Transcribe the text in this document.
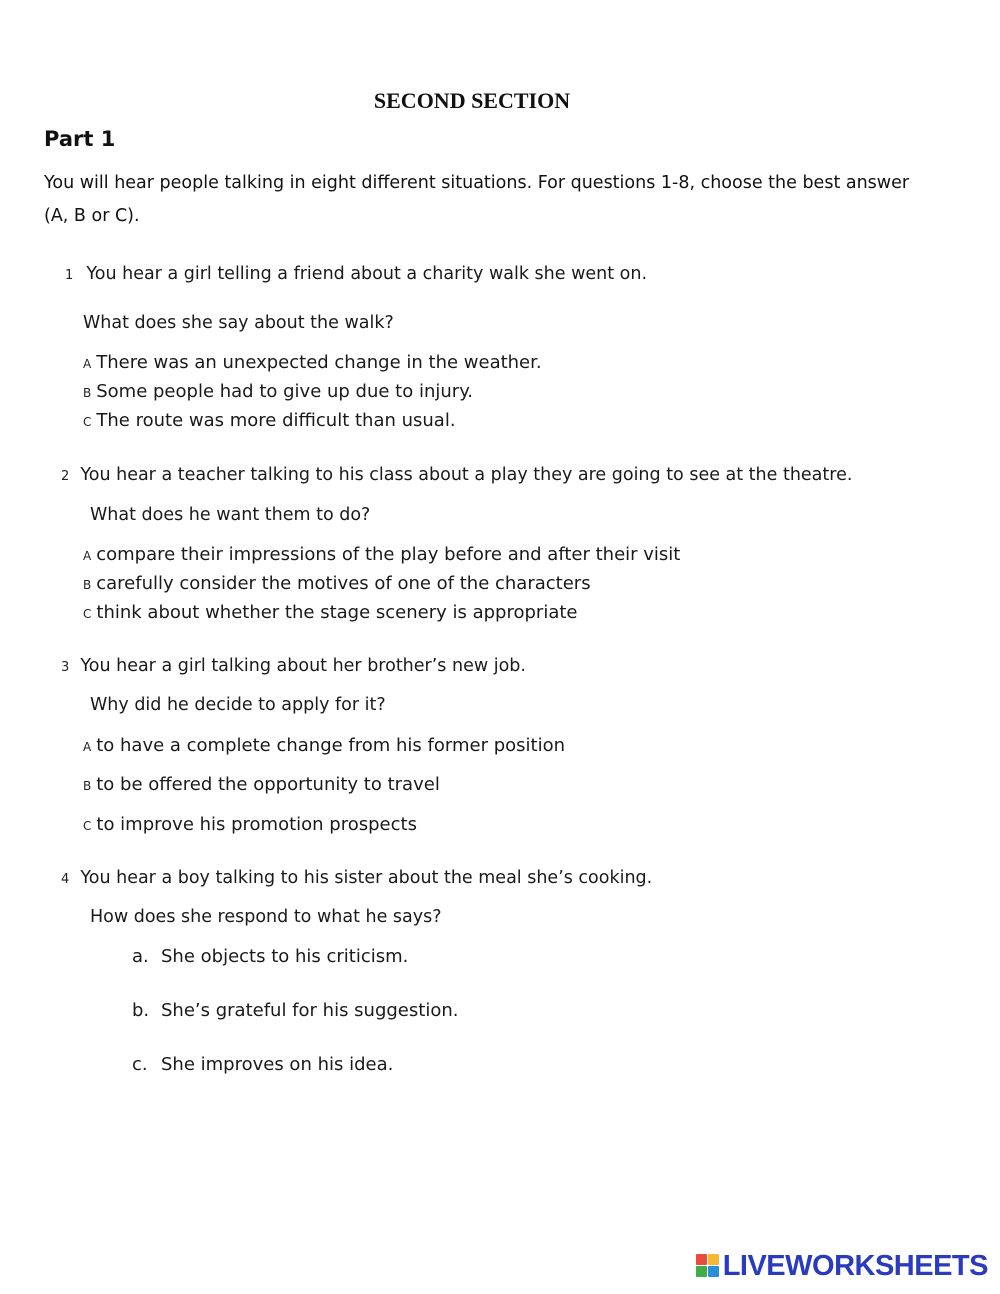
SECOND SECTION
Part 1
You will hear people talking in eight different situations. For questions 1-8, choose the best answer (A, B or C).
1 You hear a girl telling a friend about a charity walk she went on.
What does she say about the walk?
A There was an unexpected change in the weather.
B Some people had to give up due to injury.
C The route was more diﬃcult than usual.
2 You hear a teacher talking to his class about a play they are going to see at the theatre.
What does he want them to do?
A compare their impressions of the play before and after their visit
B carefully consider the motives of one of the characters
C think about whether the stage scenery is appropriate
3 You hear a girl talking about her brother’s new job.
Why did he decide to apply for it?
A to have a complete change from his former position
B to be oﬀered the opportunity to travel
C to improve his promotion prospects
4 You hear a boy talking to his sister about the meal she’s cooking.
How does she respond to what he says?
a. She objects to his criticism.
b. She’s grateful for his suggestion.
c. She improves on his idea.
LIVEWORKSHEETS
